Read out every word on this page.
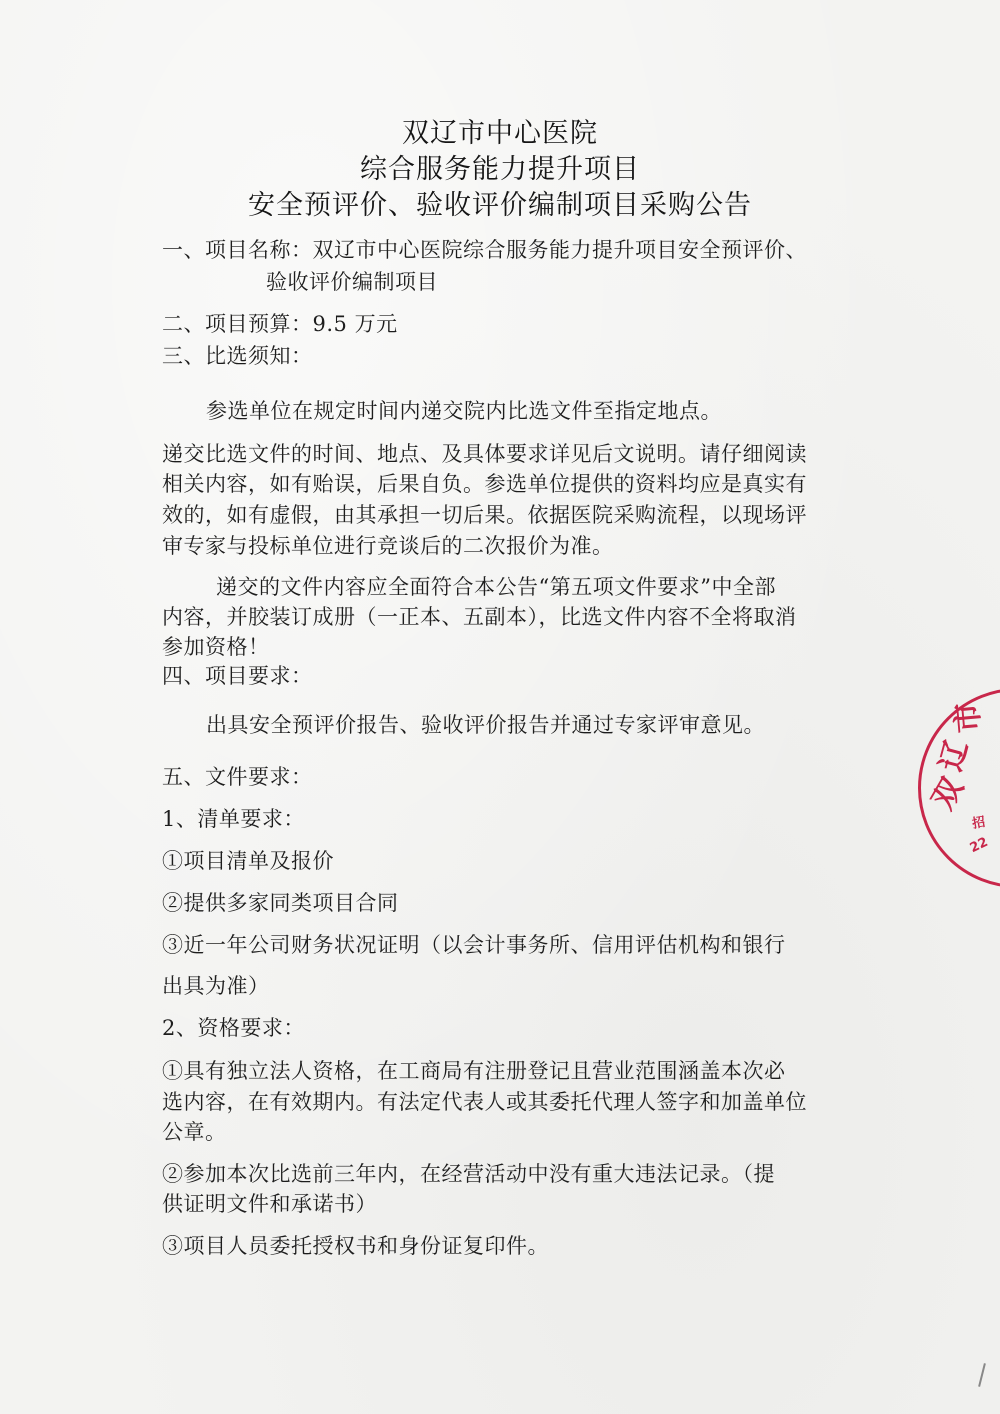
双辽市中心医院
综合服务能力提升项目
安全预评价、验收评价编制项目采购公告
一、项目名称：双辽市中心医院综合服务能力提升项目安全预评价、
验收评价编制项目
二、项目预算：9.5 万元
三、比选须知：
参选单位在规定时间内递交院内比选文件至指定地点。
递交比选文件的时间、地点、及具体要求详见后文说明。请仔细阅读
相关内容，如有贻误，后果自负。参选单位提供的资料均应是真实有
效的，如有虚假，由其承担一切后果。依据医院采购流程，以现场评
审专家与投标单位进行竞谈后的二次报价为准。
递交的文件内容应全面符合本公告“第五项文件要求”中全部
内容，并胶装订成册（一正本、五副本），比选文件内容不全将取消
参加资格！
四、项目要求：
出具安全预评价报告、验收评价报告并通过专家评审意见。
五、文件要求：
1、清单要求：
①项目清单及报价
②提供多家同类项目合同
③近一年公司财务状况证明（以会计事务所、信用评估机构和银行
出具为准）
2、资格要求：
①具有独立法人资格，在工商局有注册登记且营业范围涵盖本次必
选内容，在有效期内。有法定代表人或其委托代理人签字和加盖单位
公章。
②参加本次比选前三年内，在经营活动中没有重大违法记录。（提
供证明文件和承诺书）
③项目人员委托授权书和身份证复印件。
双
辽
市
招
22
